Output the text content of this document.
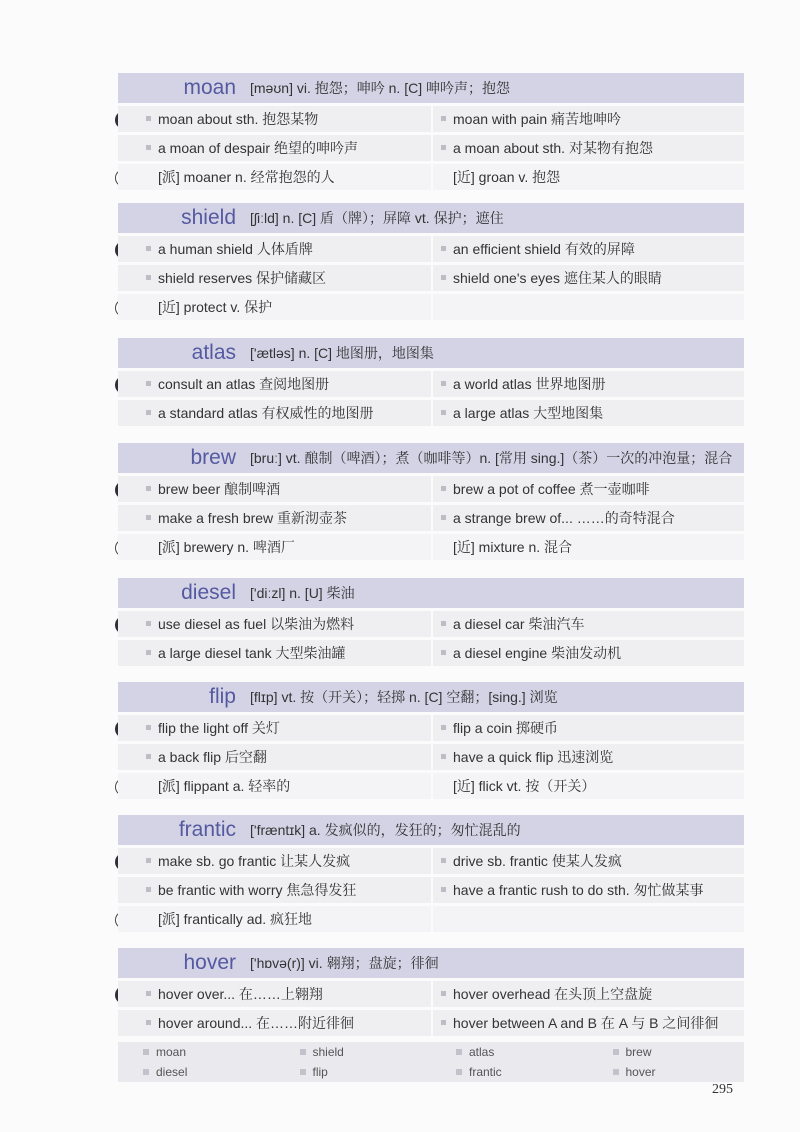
moan	[məʊn] vi. 抱怨；呻吟 n. [C] 呻吟声；抱怨
moan about sth. 抱怨某物	moan with pain 痛苦地呻吟
a moan of despair 绝望的呻吟声	a moan about sth. 对某物有抱怨
[派] moaner n. 经常抱怨的人	[近] groan v. 抱怨
shield	[ʃiːld] n. [C] 盾（牌）；屏障 vt. 保护；遮住
a human shield 人体盾牌	an efficient shield 有效的屏障
shield reserves 保护储藏区	shield one's eyes 遮住某人的眼睛
[近] protect v. 保护
atlas	['ætləs] n. [C] 地图册，地图集
consult an atlas 查阅地图册	a world atlas 世界地图册
a standard atlas 有权威性的地图册	a large atlas 大型地图集
brew	[bruː] vt. 酿制（啤酒）；煮（咖啡等）n. [常用 sing.]（茶）一次的冲泡量；混合
brew beer 酿制啤酒	brew a pot of coffee 煮一壶咖啡
make a fresh brew 重新沏壶茶	a strange brew of... ……的奇特混合
[派] brewery n. 啤酒厂	[近] mixture n. 混合
diesel	['diːzl] n. [U] 柴油
use diesel as fuel 以柴油为燃料	a diesel car 柴油汽车
a large diesel tank 大型柴油罐	a diesel engine 柴油发动机
flip	[flɪp] vt. 按（开关）；轻掷 n. [C] 空翻；[sing.] 浏览
flip the light off 关灯	flip a coin 掷硬币
a back flip 后空翻	have a quick flip 迅速浏览
[派] flippant a. 轻率的	[近] flick vt. 按（开关）
frantic	['fræntɪk] a. 发疯似的，发狂的；匆忙混乱的
make sb. go frantic 让某人发疯	drive sb. frantic 使某人发疯
be frantic with worry 焦急得发狂	have a frantic rush to do sth. 匆忙做某事
[派] frantically ad. 疯狂地
hover	['hɒvə(r)] vi. 翱翔；盘旋；徘徊
hover over... 在……上翱翔	hover overhead 在头顶上空盘旋
hover around... 在……附近徘徊	hover between A and B 在 A 与 B 之间徘徊
moan	shield	atlas	brew
diesel	flip	frantic	hover
295
